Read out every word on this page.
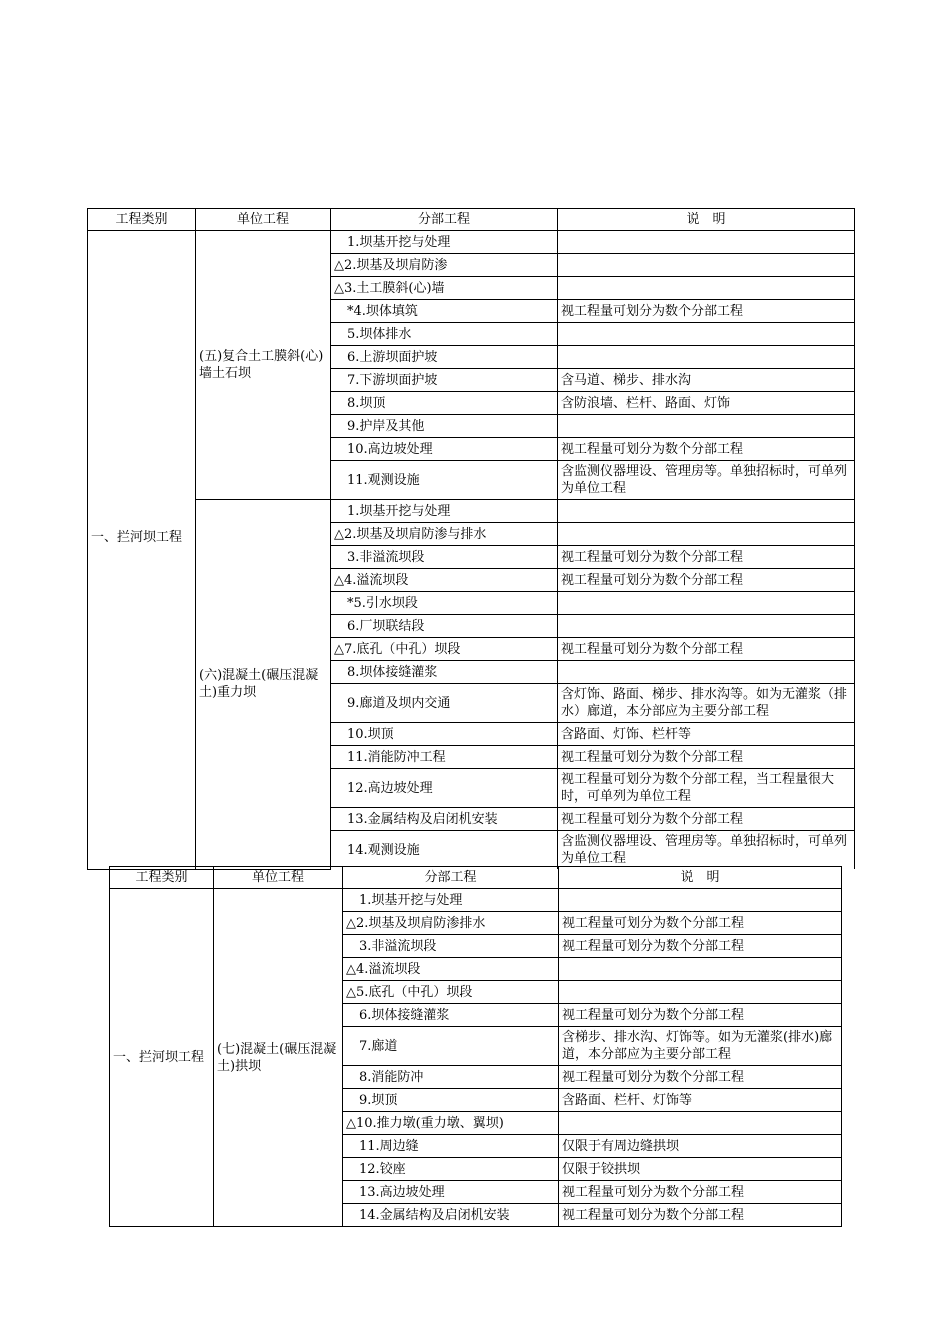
工程类别	单位工程	分部工程	说　明
一、拦河坝工程	(五)复合土工膜斜(心)墙土石坝	　1.坝基开挖与处理	
		△2.坝基及坝肩防渗	
		△3.土工膜斜(心)墙	
		　*4.坝体填筑	视工程量可划分为数个分部工程
		　5.坝体排水	
		　6.上游坝面护坡	
		　7.下游坝面护坡	含马道、梯步、排水沟
		　8.坝顶	含防浪墙、栏杆、路面、灯饰
		　9.护岸及其他	
		　10.高边坡处理	视工程量可划分为数个分部工程
		　11.观测设施	含监测仪器埋设、管理房等。单独招标时，可单列为单位工程
	(六)混凝土(碾压混凝土)重力坝	　1.坝基开挖与处理	
		△2.坝基及坝肩防渗与排水	
		　3.非溢流坝段	视工程量可划分为数个分部工程
		△4.溢流坝段	视工程量可划分为数个分部工程
		　*5.引水坝段	
		　6.厂坝联结段	
		△7.底孔（中孔）坝段	视工程量可划分为数个分部工程
		　8.坝体接缝灌浆	
		　9.廊道及坝内交通	含灯饰、路面、梯步、排水沟等。如为无灌浆（排水）廊道，本分部应为主要分部工程
		　10.坝顶	含路面、灯饰、栏杆等
		　11.消能防冲工程	视工程量可划分为数个分部工程
		　12.高边坡处理	视工程量可划分为数个分部工程，当工程量很大时，可单列为单位工程
		　13.金属结构及启闭机安装	视工程量可划分为数个分部工程
		　14.观测设施	含监测仪器埋设、管理房等。单独招标时，可单列为单位工程
工程类别	单位工程	分部工程	说　明
一、拦河坝工程	(七)混凝土(碾压混凝土)拱坝	　1.坝基开挖与处理	
		△2.坝基及坝肩防渗排水	视工程量可划分为数个分部工程
		　3.非溢流坝段	视工程量可划分为数个分部工程
		△4.溢流坝段	
		△5.底孔（中孔）坝段	
		　6.坝体接缝灌浆	视工程量可划分为数个分部工程
		　7.廊道	含梯步、排水沟、灯饰等。如为无灌浆(排水)廊道，本分部应为主要分部工程
		　8.消能防冲	视工程量可划分为数个分部工程
		　9.坝顶	含路面、栏杆、灯饰等
		△10.推力墩(重力墩、翼坝)	
		　11.周边缝	仅限于有周边缝拱坝
		　12.铰座	仅限于铰拱坝
		　13.高边坡处理	视工程量可划分为数个分部工程
		　14.金属结构及启闭机安装	视工程量可划分为数个分部工程
